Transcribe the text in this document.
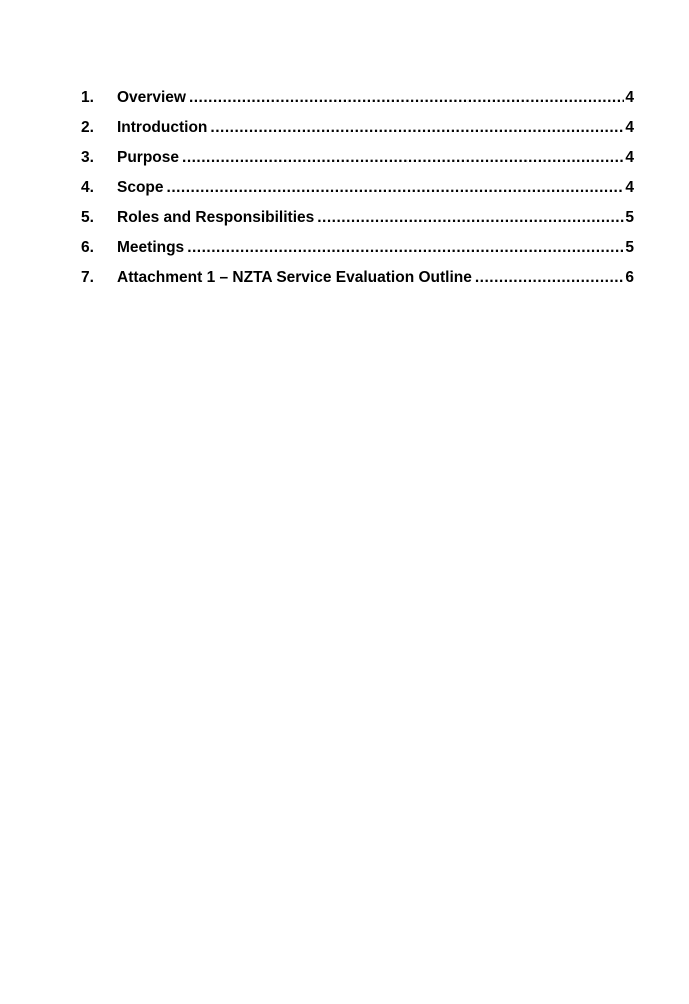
1.	Overview .....	4
2.	Introduction .....	4
3.	Purpose .....	4
4.	Scope .....	4
5.	Roles and Responsibilities .....	5
6.	Meetings .....	5
7.	Attachment 1 – NZTA Service Evaluation Outline .....	6
